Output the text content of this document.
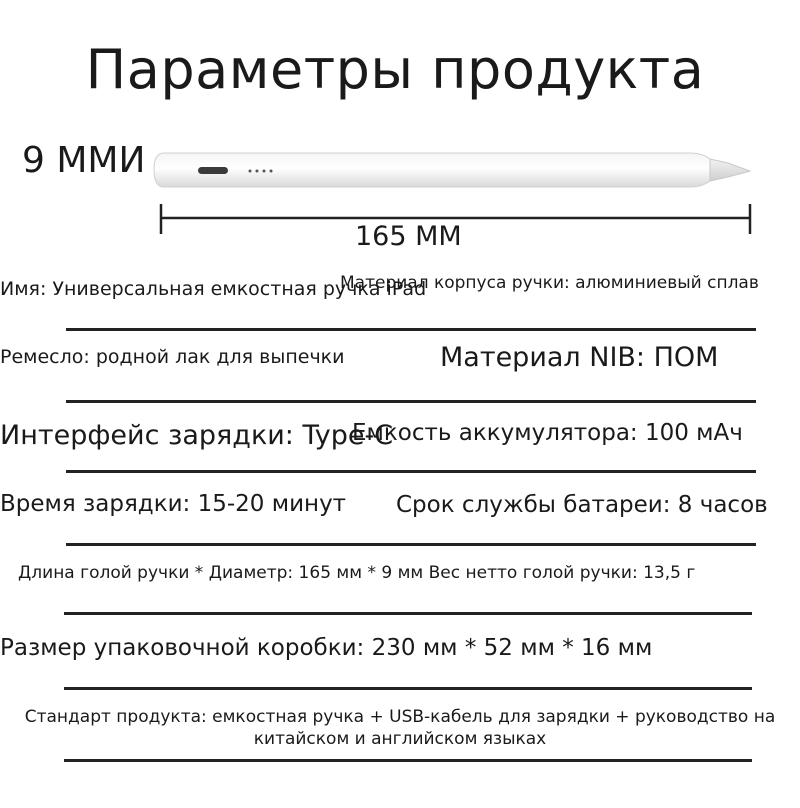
Параметры продукта
9 ММИ
165 ММ
Имя: Универсальная емкостная ручка iPad
Материал корпуса ручки: алюминиевый сплав
Ремесло: родной лак для выпечки	Материал NIB: ПОМ
Интерфейс зарядки: Type-C
Емкость аккумулятора: 100 мАч
Время зарядки: 15-20 минут Срок службы батареи: 8 часов
Длина голой ручки * Диаметр: 165 мм * 9 мм Вес нетто голой ручки: 13,5 г
Размер упаковочной коробки: 230 мм * 52 мм * 16 мм
Стандарт продукта: емкостная ручка + USB-кабель для зарядки + руководство на китайском и английском языках
